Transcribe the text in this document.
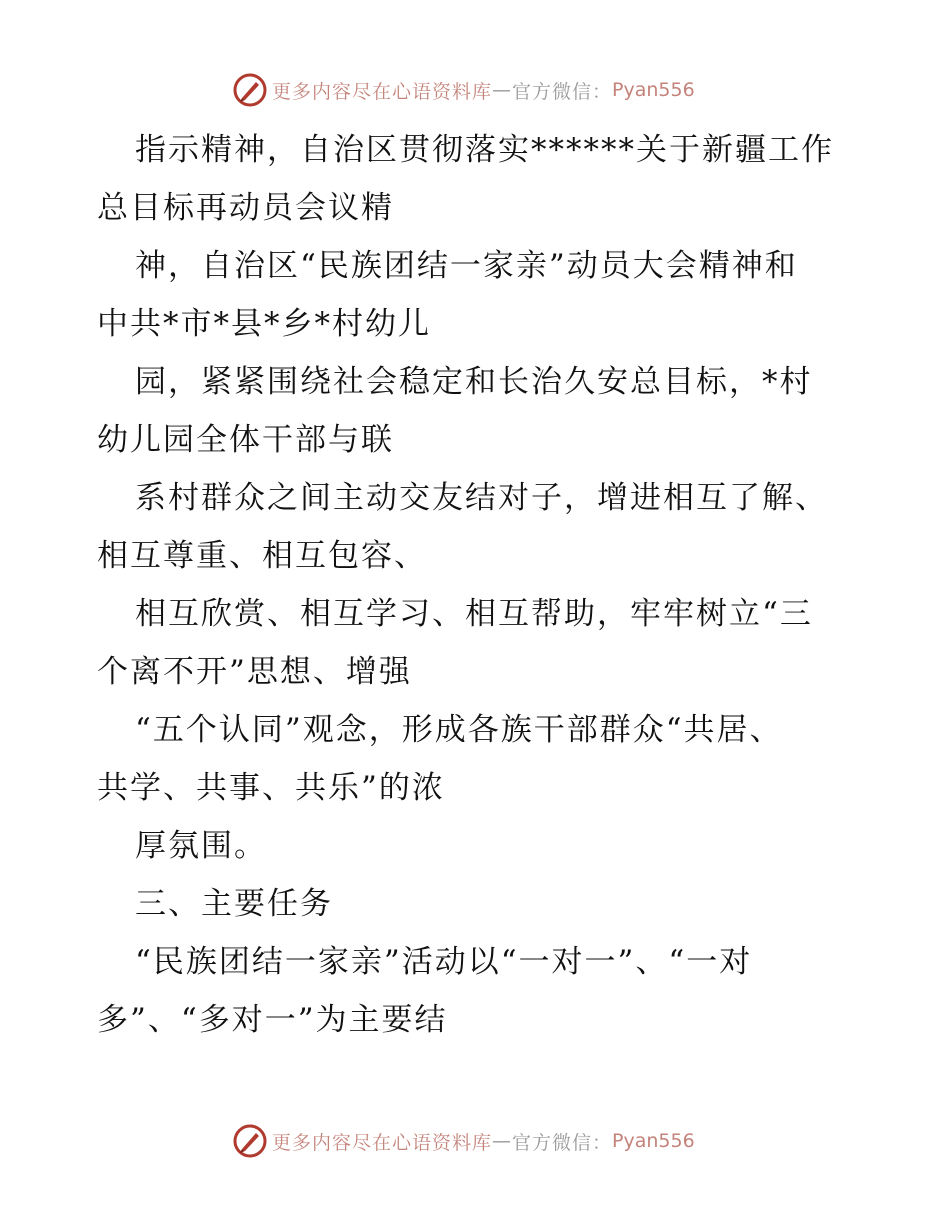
更多内容尽在心语资料库 — 官方微信： Pyan556
指示精神，自治区贯彻落实******关于新疆工作
总目标再动员会议精
神，自治区“民族团结一家亲”动员大会精神和
中共*市*县*乡*村幼儿
园，紧紧围绕社会稳定和长治久安总目标，*村
幼儿园全体干部与联
系村群众之间主动交友结对子，增进相互了解、
相互尊重、相互包容、
相互欣赏、相互学习、相互帮助，牢牢树立“三
个离不开”思想、增强
“五个认同”观念，形成各族干部群众“共居、
共学、共事、共乐”的浓
厚氛围。
三、主要任务
“民族团结一家亲”活动以“一对一”、“一对
多”、“多对一”为主要结
更多内容尽在心语资料库 — 官方微信： Pyan556
